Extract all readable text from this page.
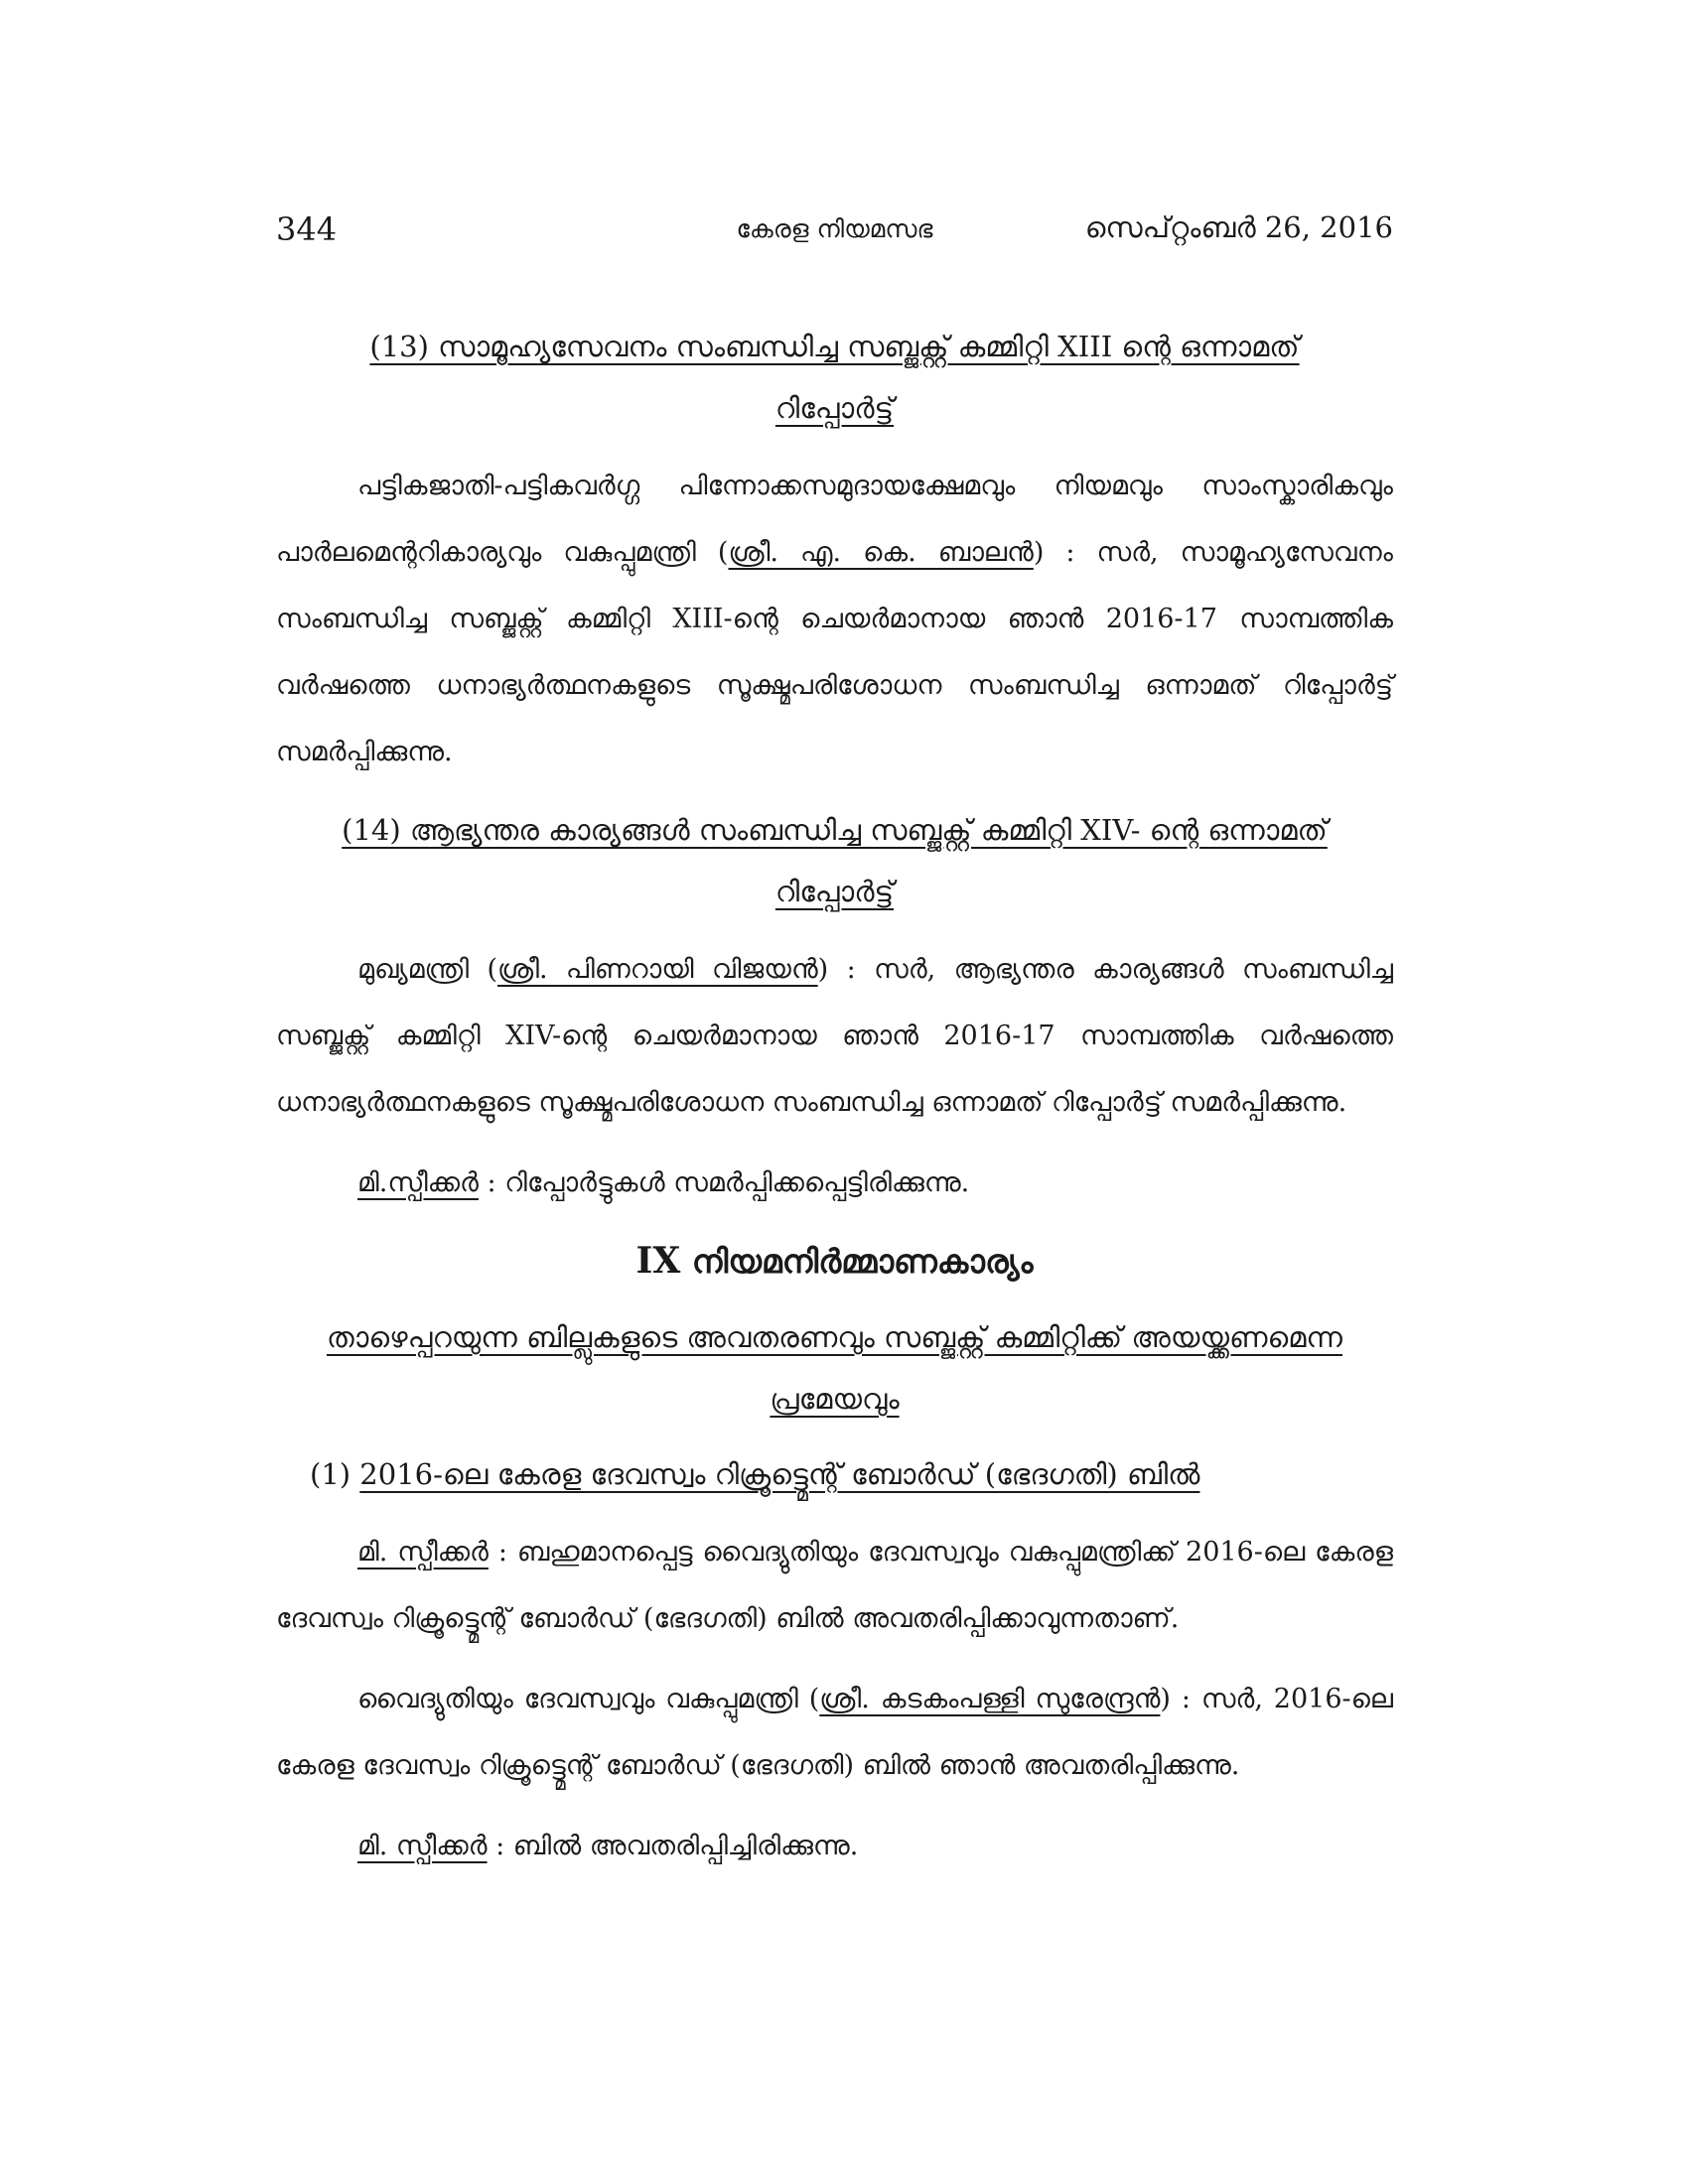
344	കേരള നിയമസഭ	സെപ്റ്റംബർ 26, 2016

(13) സാമൂഹ്യസേവനം സംബന്ധിച്ച സബ്ജക്റ്റ് കമ്മിറ്റി XIII ന്റെ ഒന്നാമത്
റിപ്പോർട്ട്

പട്ടികജാതി-പട്ടികവർഗ്ഗ പിന്നോക്കസമുദായക്ഷേമവും നിയമവും സാംസ്കാരികവും പാർലമെന്ററികാര്യവും വകുപ്പുമന്ത്രി (ശ്രീ. എ. കെ. ബാലൻ) : സർ, സാമൂഹ്യസേവനം സംബന്ധിച്ച സബ്ജക്റ്റ് കമ്മിറ്റി XIII-ന്റെ ചെയർമാനായ ഞാൻ 2016-17 സാമ്പത്തിക വർഷത്തെ ധനാഭ്യർത്ഥനകളുടെ സൂക്ഷ്മപരിശോധന സംബന്ധിച്ച ഒന്നാമത് റിപ്പോർട്ട് സമർപ്പിക്കുന്നു.

(14) ആഭ്യന്തര കാര്യങ്ങൾ സംബന്ധിച്ച സബ്ജക്റ്റ് കമ്മിറ്റി XIV- ന്റെ ഒന്നാമത്
റിപ്പോർട്ട്

മുഖ്യമന്ത്രി (ശ്രീ. പിണറായി വിജയൻ) : സർ, ആഭ്യന്തര കാര്യങ്ങൾ സംബന്ധിച്ച സബ്ജക്റ്റ് കമ്മിറ്റി XIV-ന്റെ ചെയർമാനായ ഞാൻ 2016-17 സാമ്പത്തിക വർഷത്തെ ധനാഭ്യർത്ഥനകളുടെ സൂക്ഷ്മപരിശോധന സംബന്ധിച്ച ഒന്നാമത് റിപ്പോർട്ട് സമർപ്പിക്കുന്നു.

മി.സ്പീക്കർ : റിപ്പോർട്ടുകൾ സമർപ്പിക്കപ്പെട്ടിരിക്കുന്നു.

IX നിയമനിർമ്മാണകാര്യം

താഴെപ്പറയുന്ന ബില്ലുകളുടെ അവതരണവും സബ്ജക്റ്റ് കമ്മിറ്റിക്ക് അയയ്ക്കണമെന്ന
പ്രമേയവും

(1) 2016-ലെ കേരള ദേവസ്വം റിക്രൂട്ട്മെന്റ് ബോർഡ് (ഭേദഗതി) ബിൽ

മി. സ്പീക്കർ : ബഹുമാനപ്പെട്ട വൈദ്യുതിയും ദേവസ്വവും വകുപ്പുമന്ത്രിക്ക് 2016-ലെ കേരള ദേവസ്വം റിക്രൂട്ട്മെന്റ് ബോർഡ് (ഭേദഗതി) ബിൽ അവതരിപ്പിക്കാവുന്നതാണ്.

വൈദ്യുതിയും ദേവസ്വവും വകുപ്പുമന്ത്രി (ശ്രീ. കടകംപള്ളി സുരേന്ദ്രൻ) : സർ, 2016-ലെ കേരള ദേവസ്വം റിക്രൂട്ട്മെന്റ് ബോർഡ് (ഭേദഗതി) ബിൽ ഞാൻ അവതരിപ്പിക്കുന്നു.

മി. സ്പീക്കർ : ബിൽ അവതരിപ്പിച്ചിരിക്കുന്നു.
